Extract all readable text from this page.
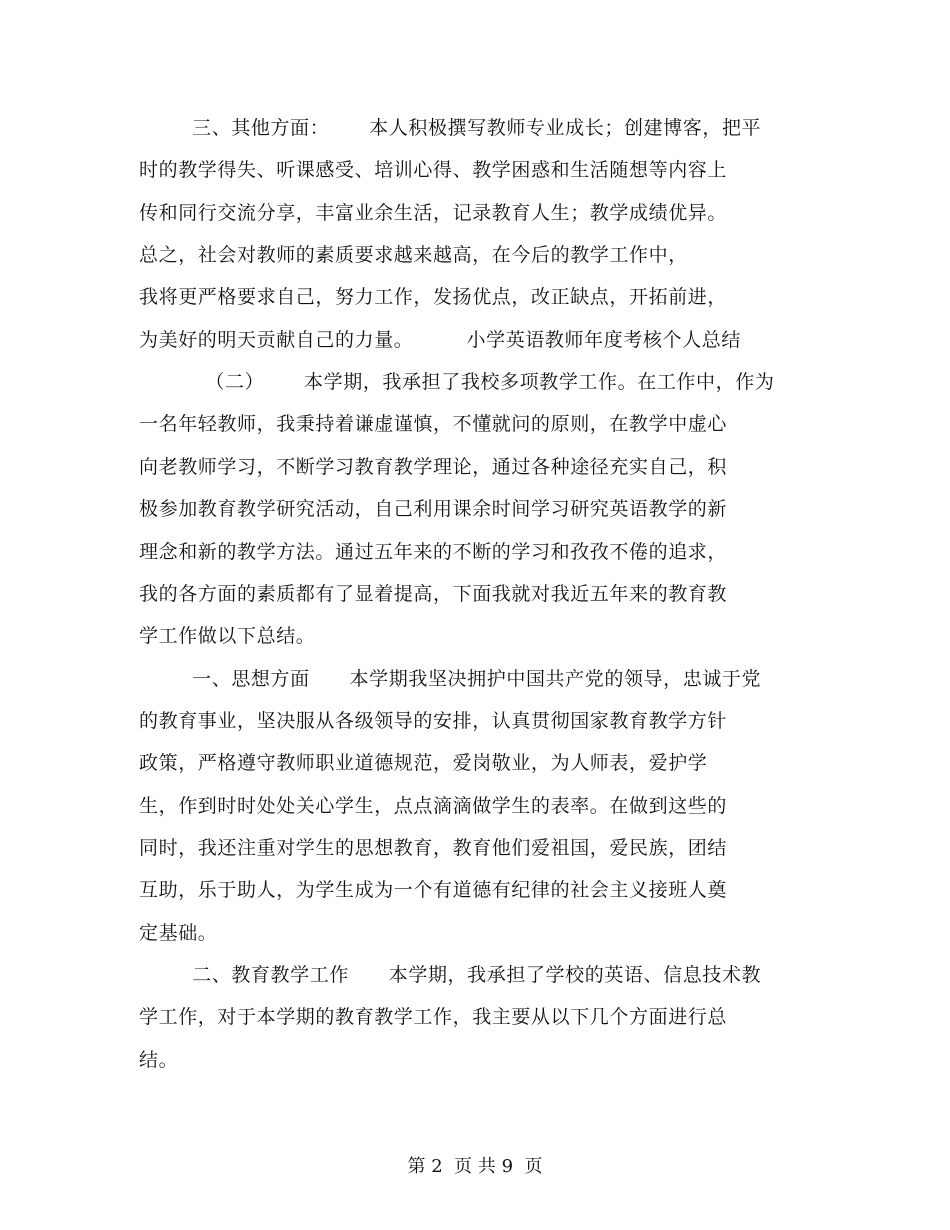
三、其他方面：      本人积极撰写教师专业成长；创建博客，把平
时的教学得失、听课感受、培训心得、教学困惑和生活随想等内容上
传和同行交流分享，丰富业余生活，记录教育人生；教学成绩优异。
总之，社会对教师的素质要求越来越高，在今后的教学工作中，
我将更严格要求自己，努力工作，发扬优点，改正缺点，开拓前进，
为美好的明天贡献自己的力量。        小学英语教师年度考核个人总结
（二）      本学期，我承担了我校多项教学工作。在工作中，作为
一名年轻教师，我秉持着谦虚谨慎，不懂就问的原则，在教学中虚心
向老教师学习，不断学习教育教学理论，通过各种途径充实自己，积
极参加教育教学研究活动，自己利用课余时间学习研究英语教学的新
理念和新的教学方法。通过五年来的不断的学习和孜孜不倦的追求，
我的各方面的素质都有了显着提高，下面我就对我近五年来的教育教
学工作做以下总结。
一、思想方面      本学期我坚决拥护中国共产党的领导，忠诚于党
的教育事业，坚决服从各级领导的安排，认真贯彻国家教育教学方针
政策，严格遵守教师职业道德规范，爱岗敬业，为人师表，爱护学
生，作到时时处处关心学生，点点滴滴做学生的表率。在做到这些的
同时，我还注重对学生的思想教育，教育他们爱祖国，爱民族，团结
互助，乐于助人，为学生成为一个有道德有纪律的社会主义接班人奠
定基础。
二、教育教学工作      本学期，我承担了学校的英语、信息技术教
学工作，对于本学期的教育教学工作，我主要从以下几个方面进行总
结。
第 2  页 共 9  页
